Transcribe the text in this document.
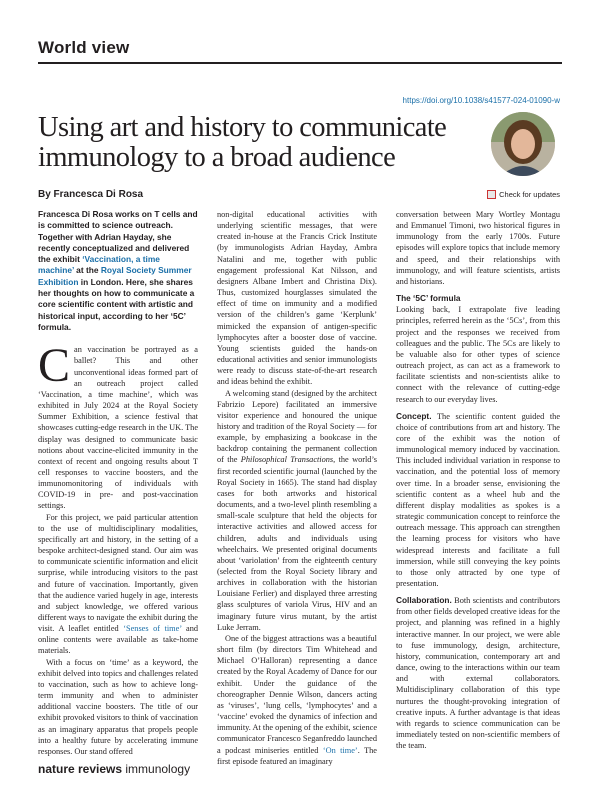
World view
https://doi.org/10.1038/s41577-024-01090-w
Using art and history to communicate immunology to a broad audience
By Francesca Di Rosa	Check for updates

Francesca Di Rosa works on T cells and is committed to science outreach. Together with Adrian Hayday, she recently conceptualized and delivered the exhibit ‘Vaccination, a time machine’ at the Royal Society Summer Exhibition in London. Here, she shares her thoughts on how to communicate a core scientific content with artistic and historical input, according to her ‘5C’ formula.

Can vaccination be portrayed as a ballet? This and other unconventional ideas formed part of an outreach project called ‘Vaccination, a time machine’, which was exhibited in July 2024 at the Royal Society Summer Exhibition, a science festival that showcases cutting-edge research in the UK. The display was designed to communicate basic notions about vaccine-elicited immunity in the context of recent and ongoing results about T cell responses to vaccine boosters, and the immunomonitoring of individuals with COVID-19 in pre- and post-vaccination settings.

For this project, we paid particular attention to the use of multidisciplinary modalities, specifically art and history, in the setting of a bespoke architect-designed stand. Our aim was to communicate scientific information and elicit surprise, while introducing visitors to the past and future of vaccination. Importantly, given that the audience varied hugely in age, interests and subject knowledge, we offered various different ways to navigate the exhibit during the visit. A leaflet entitled ‘Senses of time’ and online contents were available as take-home materials.

With a focus on ‘time’ as a keyword, the exhibit delved into topics and challenges related to vaccination, such as how to achieve long-term immunity and when to administer additional vaccine boosters. The title of our exhibit provoked visitors to think of vaccination as an imaginary apparatus that propels people into a healthy future by accelerating immune responses. Our stand offered

non-digital educational activities with underlying scientific messages, that were created in-house at the Francis Crick Institute (by immunologists Adrian Hayday, Ambra Natalini and me, together with public engagement professional Kat Nilsson, and designers Albane Imbert and Christina Dix). Thus, customized hourglasses simulated the effect of time on immunity and a modified version of the children’s game ‘Kerplunk’ mimicked the expansion of antigen-specific lymphocytes after a booster dose of vaccine. Young scientists guided the hands-on educational activities and senior immunologists were ready to discuss state-of-the-art research and ideas behind the exhibit.

A welcoming stand (designed by the architect Fabrizio Lepore) facilitated an immersive visitor experience and honoured the unique history and tradition of the Royal Society — for example, by emphasizing a bookcase in the backdrop containing the permanent collection of the Philosophical Transactions, the world’s first recorded scientific journal (launched by the Royal Society in 1665). The stand had display cases for both artworks and historical documents, and a two-level plinth resembling a small-scale sculpture that held the objects for interactive activities and allowed access for children, adults and individuals using wheelchairs. We presented original documents about ‘variolation’ from the eighteenth century (selected from the Royal Society library and archives in collaboration with the historian Louisiane Ferlier) and displayed three arresting glass sculptures of variola Virus, HIV and an imaginary future virus mutant, by the artist Luke Jerram.

One of the biggest attractions was a beautiful short film (by directors Tim Whitehead and Michael O’Halloran) representing a dance created by the Royal Academy of Dance for our exhibit. Under the guidance of the choreographer Dennie Wilson, dancers acting as ‘viruses’, ‘lung cells, ‘lymphocytes’ and a ‘vaccine’ evoked the dynamics of infection and immunity. At the opening of the exhibit, science communicator Francesco Seganfreddo launched a podcast miniseries entitled ‘On time’. The first episode featured an imaginary

conversation between Mary Wortley Montagu and Emmanuel Timoni, two historical figures in immunology from the early 1700s. Future episodes will explore topics that include memory and speed, and their relationships with immunology, and will feature scientists, artists and historians.

The ‘5C’ formula

Looking back, I extrapolate five leading principles, referred herein as the ‘5Cs’, from this project and the responses we received from colleagues and the public. The 5Cs are likely to be valuable also for other types of science outreach project, as can act as a framework to facilitate scientists and non-scientists alike to connect with the relevance of cutting-edge research to our everyday lives.

Concept. The scientific content guided the choice of contributions from art and history. The core of the exhibit was the notion of immunological memory induced by vaccination. This included individual variation in response to vaccination, and the potential loss of memory over time. In a broader sense, envisioning the scientific content as a wheel hub and the different display modalities as spokes is a strategic communication concept to reinforce the outreach message. This approach can strengthen the learning process for visitors who have widespread interests and facilitate a full immersion, while still conveying the key points to those only attracted by one type of presentation.

Collaboration. Both scientists and contributors from other fields developed creative ideas for the project, and planning was refined in a highly interactive manner. In our project, we were able to fuse immunology, design, architecture, history, communication, contemporary art and dance, owing to the interactions within our team and with external collaborators. Multidisciplinary collaboration of this type nurtures the thought-provoking integration of creative inputs. A further advantage is that ideas with regards to science communication can be immediately tested on non-scientific members of the team.

nature reviews immunology
